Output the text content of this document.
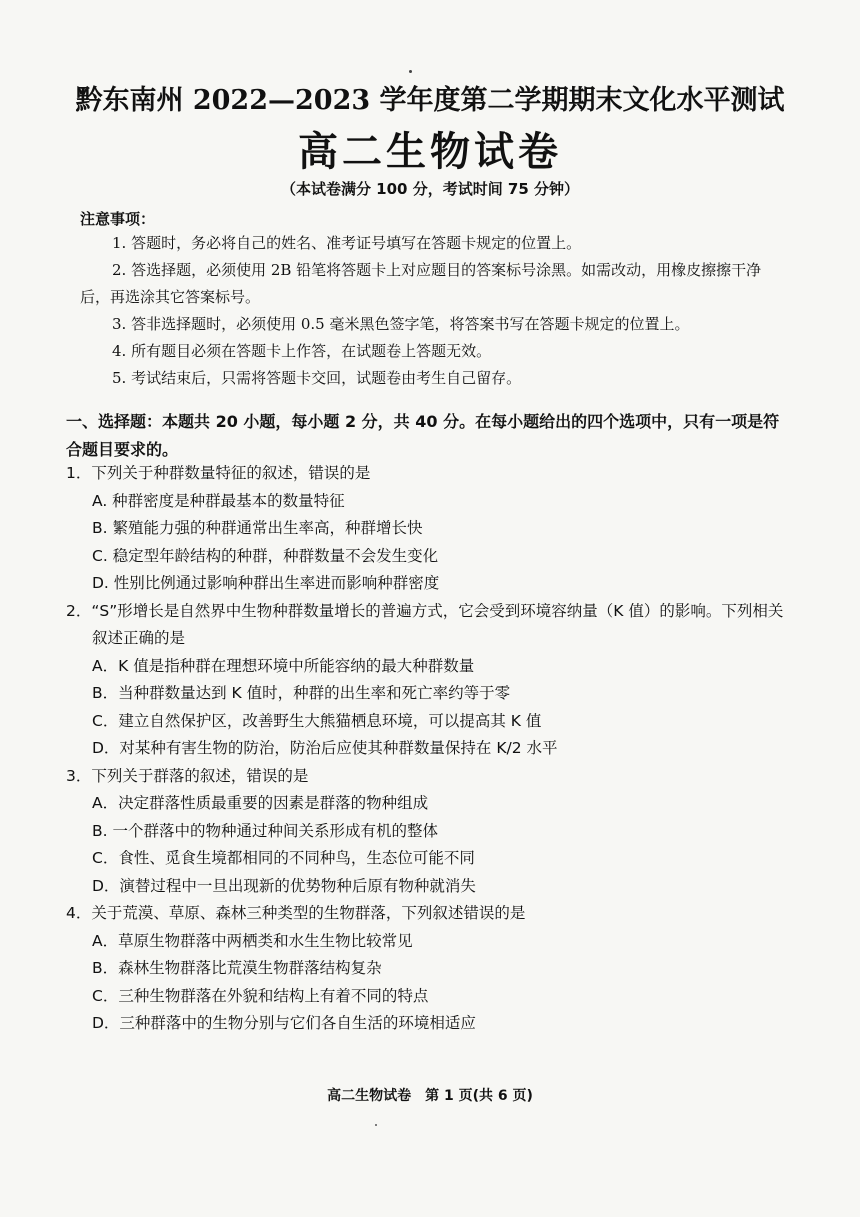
黔东南州 2022—2023 学年度第二学期期末文化水平测试
高二生物试卷
（本试卷满分 100 分，考试时间 75 分钟）
注意事项：
1. 答题时，务必将自己的姓名、准考证号填写在答题卡规定的位置上。
2. 答选择题，必须使用 2B 铅笔将答题卡上对应题目的答案标号涂黑。如需改动，用橡皮擦擦干净后，再选涂其它答案标号。
3. 答非选择题时，必须使用 0.5 毫米黑色签字笔，将答案书写在答题卡规定的位置上。
4. 所有题目必须在答题卡上作答，在试题卷上答题无效。
5. 考试结束后，只需将答题卡交回，试题卷由考生自己留存。
一、选择题：本题共 20 小题，每小题 2 分，共 40 分。在每小题给出的四个选项中，只有一项是符合题目要求的。
1．下列关于种群数量特征的叙述，错误的是
A. 种群密度是种群最基本的数量特征
B. 繁殖能力强的种群通常出生率高，种群增长快
C. 稳定型年龄结构的种群，种群数量不会发生变化
D. 性别比例通过影响种群出生率进而影响种群密度
2．“S”形增长是自然界中生物种群数量增长的普遍方式，它会受到环境容纳量（K 值）的影响。下列相关叙述正确的是
A．K 值是指种群在理想环境中所能容纳的最大种群数量
B．当种群数量达到 K 值时，种群的出生率和死亡率约等于零
C．建立自然保护区，改善野生大熊猫栖息环境，可以提高其 K 值
D．对某种有害生物的防治，防治后应使其种群数量保持在 K/2 水平
3．下列关于群落的叙述，错误的是
A．决定群落性质最重要的因素是群落的物种组成
B. 一个群落中的物种通过种间关系形成有机的整体
C．食性、觅食生境都相同的不同种鸟，生态位可能不同
D．演替过程中一旦出现新的优势物种后原有物种就消失
4．关于荒漠、草原、森林三种类型的生物群落，下列叙述错误的是
A．草原生物群落中两栖类和水生生物比较常见
B．森林生物群落比荒漠生物群落结构复杂
C．三种生物群落在外貌和结构上有着不同的特点
D．三种群落中的生物分别与它们各自生活的环境相适应
高二生物试卷　第 1 页(共 6 页)
